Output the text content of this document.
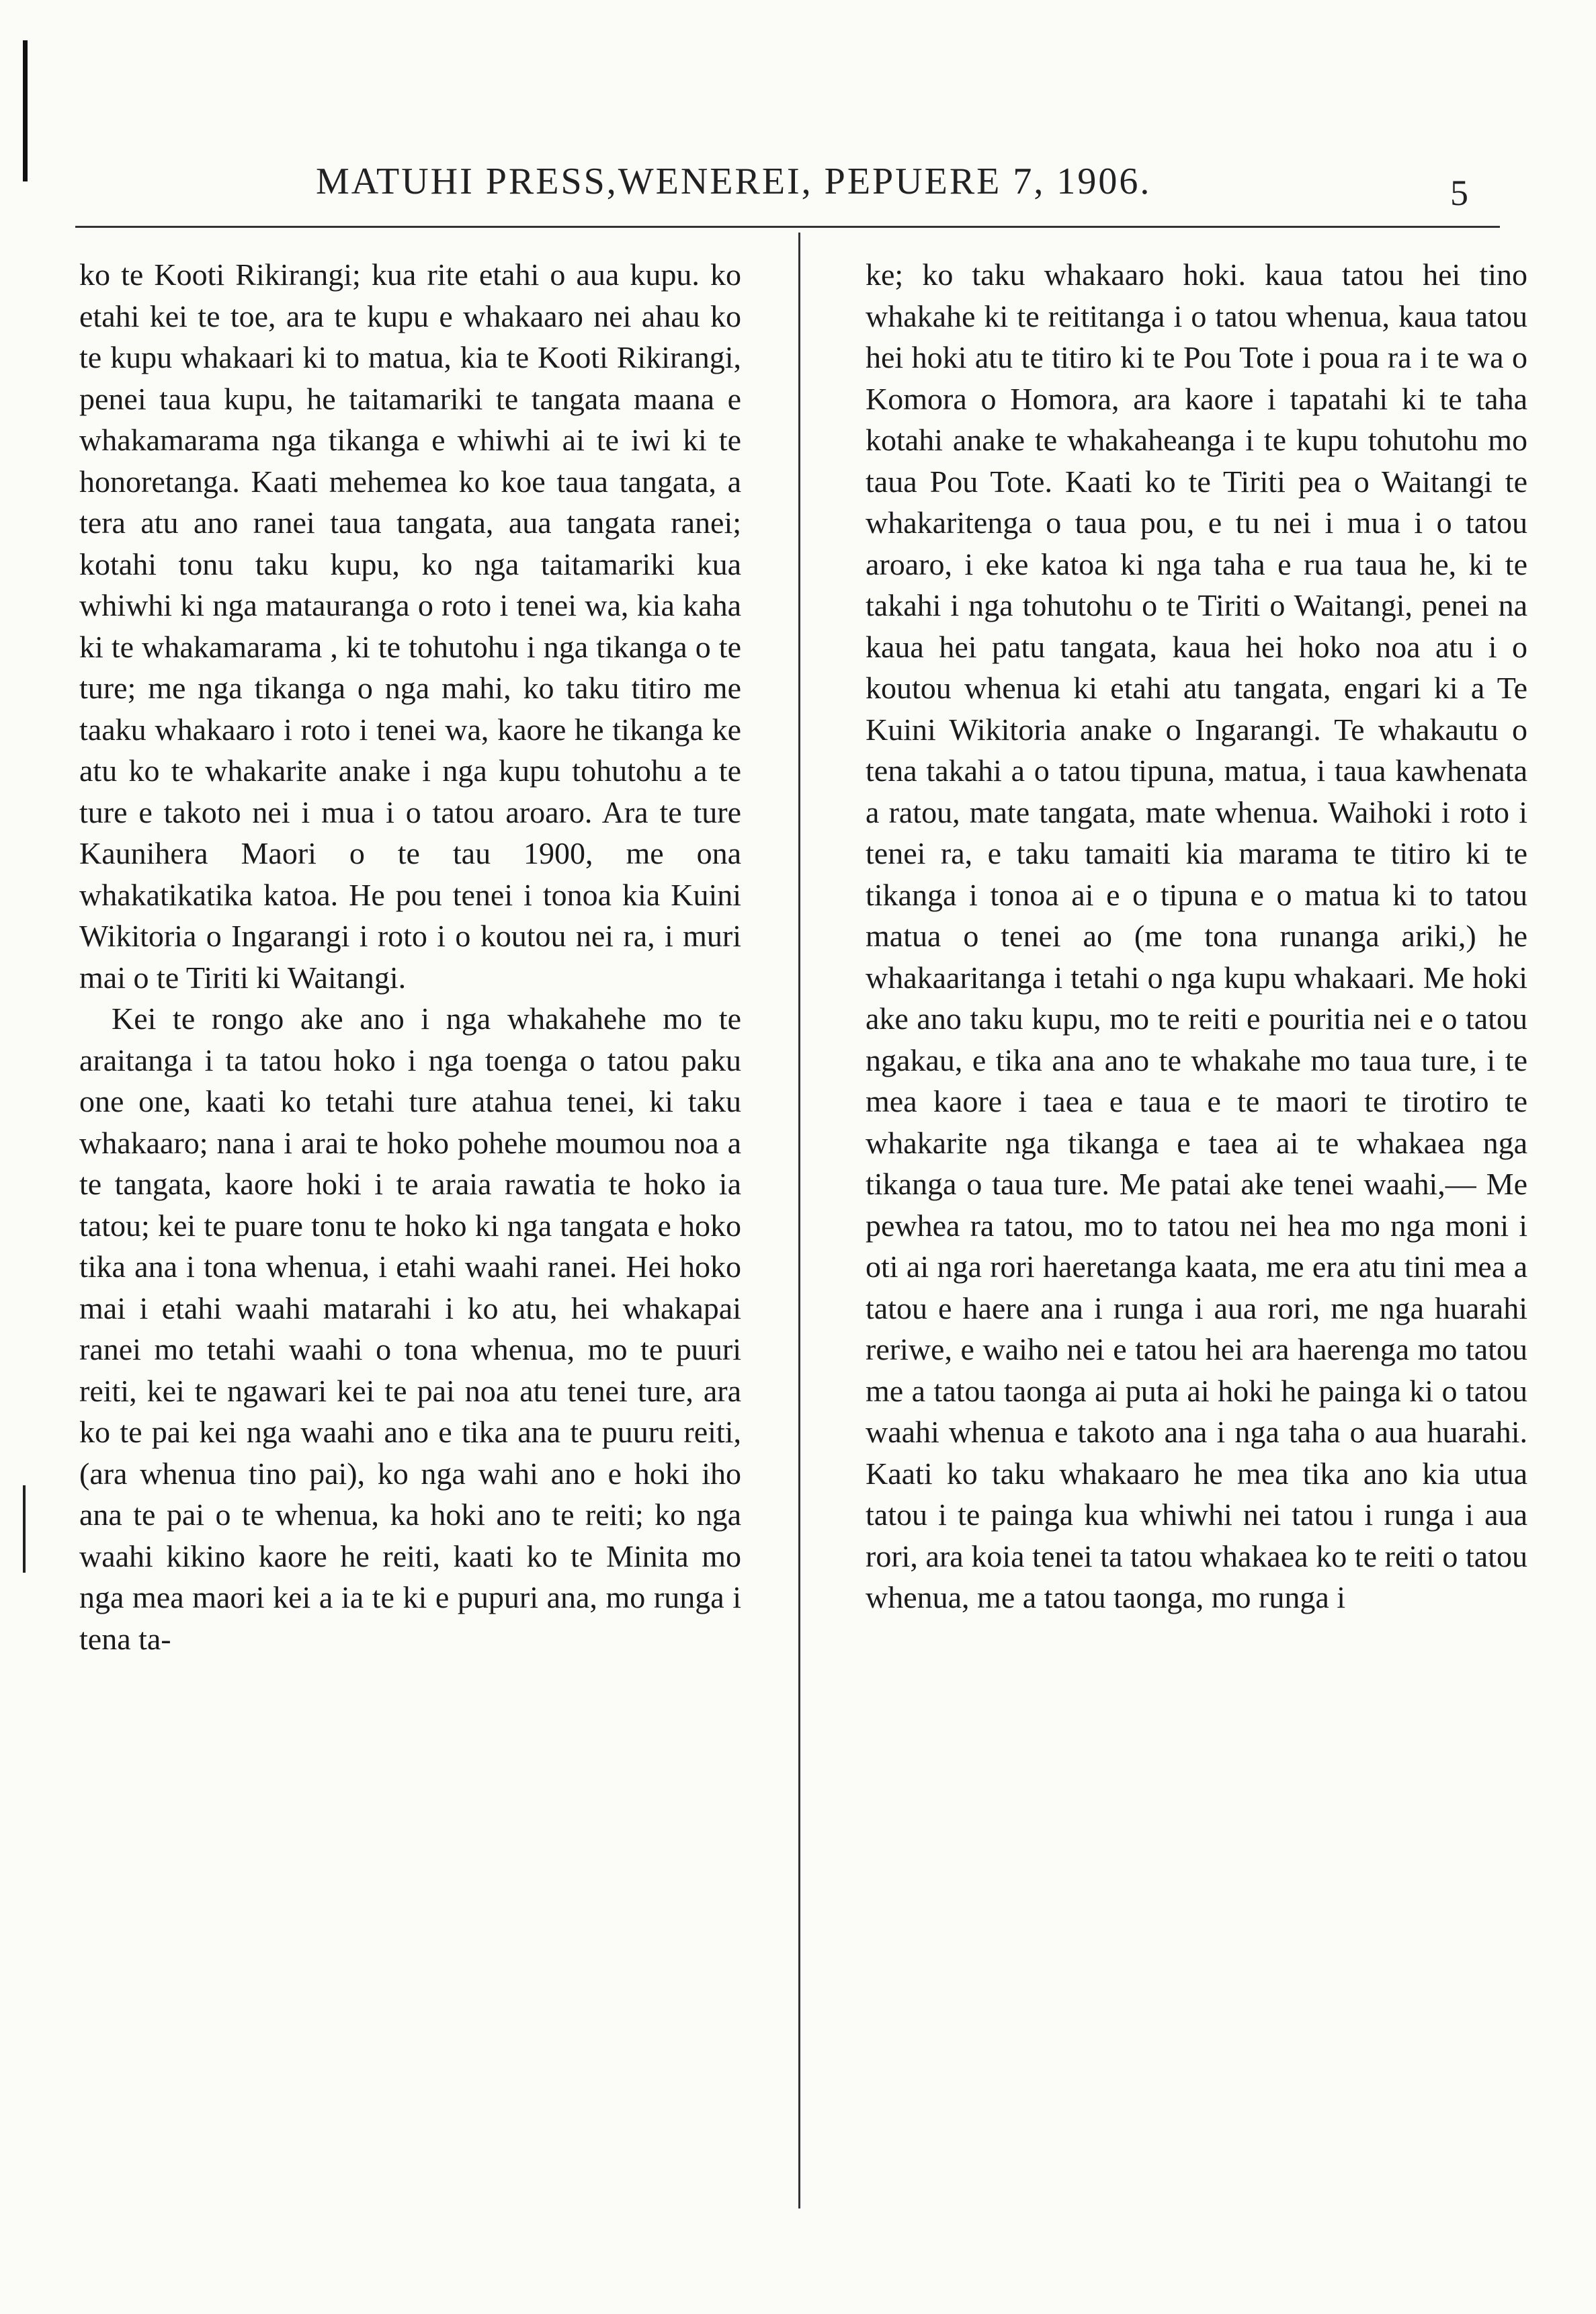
MATUHI PRESS,WENEREI, PEPUERE 7, 1906.	5

ko te Kooti Rikirangi; kua rite etahi o aua kupu. ko etahi kei te toe, ara te kupu e whakaaro nei ahau ko te kupu whakaari ki to matua, kia te Kooti Rikirangi, penei taua kupu, he taitamariki te tangata maana e whakamarama nga tikanga e whiwhi ai te iwi ki te honoretanga. Kaati mehemea ko koe taua tangata, a tera atu ano ranei taua tangata, aua tangata ranei; kotahi tonu taku kupu, ko nga taitamariki kua whiwhi ki nga matauranga o roto i tenei wa, kia kaha ki te whakamarama , ki te tohutohu i nga tikanga o te ture; me nga tikanga o nga mahi, ko taku titiro me taaku whakaaro i roto i tenei wa, kaore he tikanga ke atu ko te whakarite anake i nga kupu tohutohu a te ture e takoto nei i mua i o tatou aroaro. Ara te ture Kaunihera Maori o te tau 1900, me ona whakatikatika katoa. He pou tenei i tonoa kia Kuini Wikitoria o Ingarangi i roto i o koutou nei ra, i muri mai o te Tiriti ki Waitangi.

Kei te rongo ake ano i nga whakahehe mo te araitanga i ta tatou hoko i nga toenga o tatou paku one one, kaati ko tetahi ture atahua tenei, ki taku whakaaro; nana i arai te hoko pohehe moumou noa a te tangata, kaore hoki i te araia rawatia te hoko ia tatou; kei te puare tonu te hoko ki nga tangata e hoko tika ana i tona whenua, i etahi waahi ranei. Hei hoko mai i etahi waahi matarahi i ko atu, hei whakapai ranei mo tetahi waahi o tona whenua, mo te puuri reiti, kei te ngawari kei te pai noa atu tenei ture, ara ko te pai kei nga waahi ano e tika ana te puuru reiti, (ara whenua tino pai), ko nga wahi ano e hoki iho ana te pai o te whenua, ka hoki ano te reiti; ko nga waahi kikino kaore he reiti, kaati ko te Minita mo nga mea maori kei a ia te ki e pupuri ana, mo runga i tena ta-

ke; ko taku whakaaro hoki. kaua tatou hei tino whakahe ki te reititanga i o tatou whenua, kaua tatou hei hoki atu te titiro ki te Pou Tote i poua ra i te wa o Komora o Homora, ara kaore i tapatahi ki te taha kotahi anake te whakaheanga i te kupu tohutohu mo taua Pou Tote. Kaati ko te Tiriti pea o Waitangi te whakaritenga o taua pou, e tu nei i mua i o tatou aroaro, i eke katoa ki nga taha e rua taua he, ki te takahi i nga tohutohu o te Tiriti o Waitangi, penei na kaua hei patu tangata, kaua hei hoko noa atu i o koutou whenua ki etahi atu tangata, engari ki a Te Kuini Wikitoria anake o Ingarangi. Te whakautu o tena takahi a o tatou tipuna, matua, i taua kawhenata a ratou, mate tangata, mate whenua. Waihoki i roto i tenei ra, e taku tamaiti kia marama te titiro ki te tikanga i tonoa ai e o tipuna e o matua ki to tatou matua o tenei ao (me tona runanga ariki,) he whakaaritanga i tetahi o nga kupu whakaari. Me hoki ake ano taku kupu, mo te reiti e pouritia nei e o tatou ngakau, e tika ana ano te whakahe mo taua ture, i te mea kaore i taea e taua e te maori te tirotiro te whakarite nga tikanga e taea ai te whakaea nga tikanga o taua ture. Me patai ake tenei waahi,— Me pewhea ra tatou, mo to tatou nei hea mo nga moni i oti ai nga rori haeretanga kaata, me era atu tini mea a tatou e haere ana i runga i aua rori, me nga huarahi reriwe, e waiho nei e tatou hei ara haerenga mo tatou me a tatou taonga ai puta ai hoki he painga ki o tatou waahi whenua e takoto ana i nga taha o aua huarahi. Kaati ko taku whakaaro he mea tika ano kia utua tatou i te painga kua whiwhi nei tatou i runga i aua rori, ara koia tenei ta tatou whakaea ko te reiti o tatou whenua, me a tatou taonga, mo runga i
